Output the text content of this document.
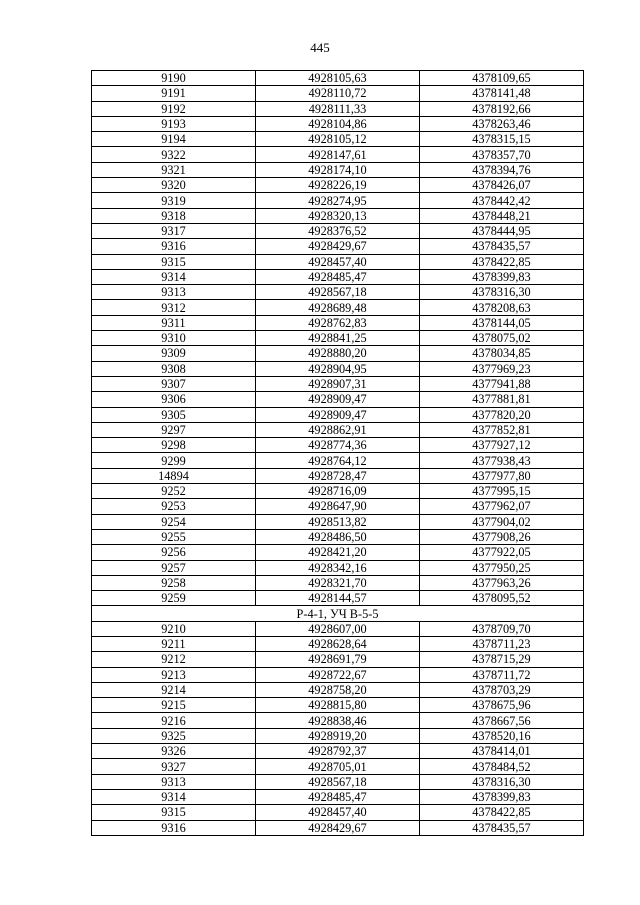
445
9190	4928105,63	4378109,65
9191	4928110,72	4378141,48
9192	4928111,33	4378192,66
9193	4928104,86	4378263,46
9194	4928105,12	4378315,15
9322	4928147,61	4378357,70
9321	4928174,10	4378394,76
9320	4928226,19	4378426,07
9319	4928274,95	4378442,42
9318	4928320,13	4378448,21
9317	4928376,52	4378444,95
9316	4928429,67	4378435,57
9315	4928457,40	4378422,85
9314	4928485,47	4378399,83
9313	4928567,18	4378316,30
9312	4928689,48	4378208,63
9311	4928762,83	4378144,05
9310	4928841,25	4378075,02
9309	4928880,20	4378034,85
9308	4928904,95	4377969,23
9307	4928907,31	4377941,88
9306	4928909,47	4377881,81
9305	4928909,47	4377820,20
9297	4928862,91	4377852,81
9298	4928774,36	4377927,12
9299	4928764,12	4377938,43
14894	4928728,47	4377977,80
9252	4928716,09	4377995,15
9253	4928647,90	4377962,07
9254	4928513,82	4377904,02
9255	4928486,50	4377908,26
9256	4928421,20	4377922,05
9257	4928342,16	4377950,25
9258	4928321,70	4377963,26
9259	4928144,57	4378095,52
Р-4-1, УЧ В-5-5		
9210	4928607,00	4378709,70
9211	4928628,64	4378711,23
9212	4928691,79	4378715,29
9213	4928722,67	4378711,72
9214	4928758,20	4378703,29
9215	4928815,80	4378675,96
9216	4928838,46	4378667,56
9325	4928919,20	4378520,16
9326	4928792,37	4378414,01
9327	4928705,01	4378484,52
9313	4928567,18	4378316,30
9314	4928485,47	4378399,83
9315	4928457,40	4378422,85
9316	4928429,67	4378435,57
